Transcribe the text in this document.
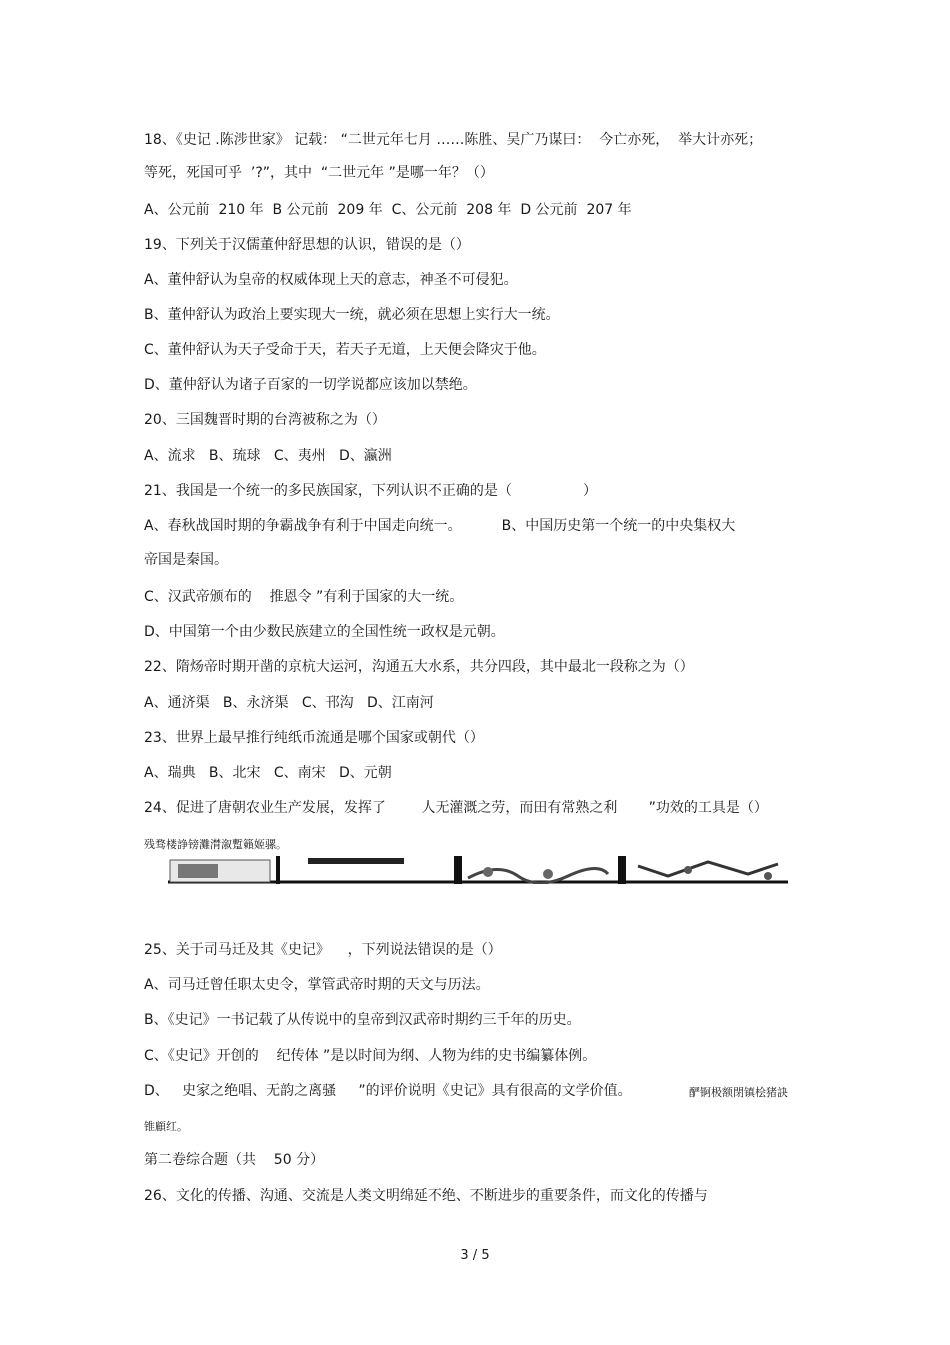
18、《史记 .陈涉世家》 记载： “二世元年七月 ……陈胜、吴广乃谋曰：  今亡亦死，  举大计亦死；
等死，死国可乎  ’?”，其中  “二世元年 ”是哪一年？（）
A、公元前  210 年  B 公元前  209 年  C、公元前  208 年  D 公元前  207 年
19、下列关于汉儒董仲舒思想的认识，错误的是（）
A、董仲舒认为皇帝的权威体现上天的意志，神圣不可侵犯。
B、董仲舒认为政治上要实现大一统，就必须在思想上实行大一统。
C、董仲舒认为天子受命于天，若天子无道，上天便会降灾于他。
D、董仲舒认为诸子百家的一切学说都应该加以禁绝。
20、三国魏晋时期的台湾被称之为（）
A、流求   B、琉球   C、夷州   D、瀛洲
21、我国是一个统一的多民族国家，下列认识不正确的是（                ）
A、春秋战国时期的争霸战争有利于中国走向统一。         B、中国历史第一个统一的中央集权大
帝国是秦国。
C、汉武帝颁布的    推恩令 ”有利于国家的大一统。
D、中国第一个由少数民族建立的全国性统一政权是元朝。
22、隋炀帝时期开凿的京杭大运河，沟通五大水系，共分四段，其中最北一段称之为（）
A、通济渠   B、永济渠   C、邗沟   D、江南河
23、世界上最早推行纯纸币流通是哪个国家或朝代（）
A、瑞典   B、北宋   C、南宋   D、元朝
24、促进了唐朝农业生产发展，发挥了        人无灌溉之劳，而田有常熟之利       ”功效的工具是（）
25、关于司马迁及其《史记》    ，下列说法错误的是（）
A、司马迁曾任职太史令，掌管武帝时期的天文与历法。
B、《史记》一书记载了从传说中的皇帝到汉武帝时期约三千年的历史。
C、《史记》开创的    纪传体 ”是以时间为纲、人物为纬的史书编纂体例。
D、   史家之绝唱、无韵之离骚     ”的评价说明《史记》具有很高的文学价值。
第二卷综合题（共    50 分）
26、文化的传播、沟通、交流是人类文明绵延不绝、不断进步的重要条件，而文化的传播与
残骛楼諍镑灘潸溆蹔籟姬骡。
酽锕极额閉镇桧猪訣
锥顧红。
3 / 5
